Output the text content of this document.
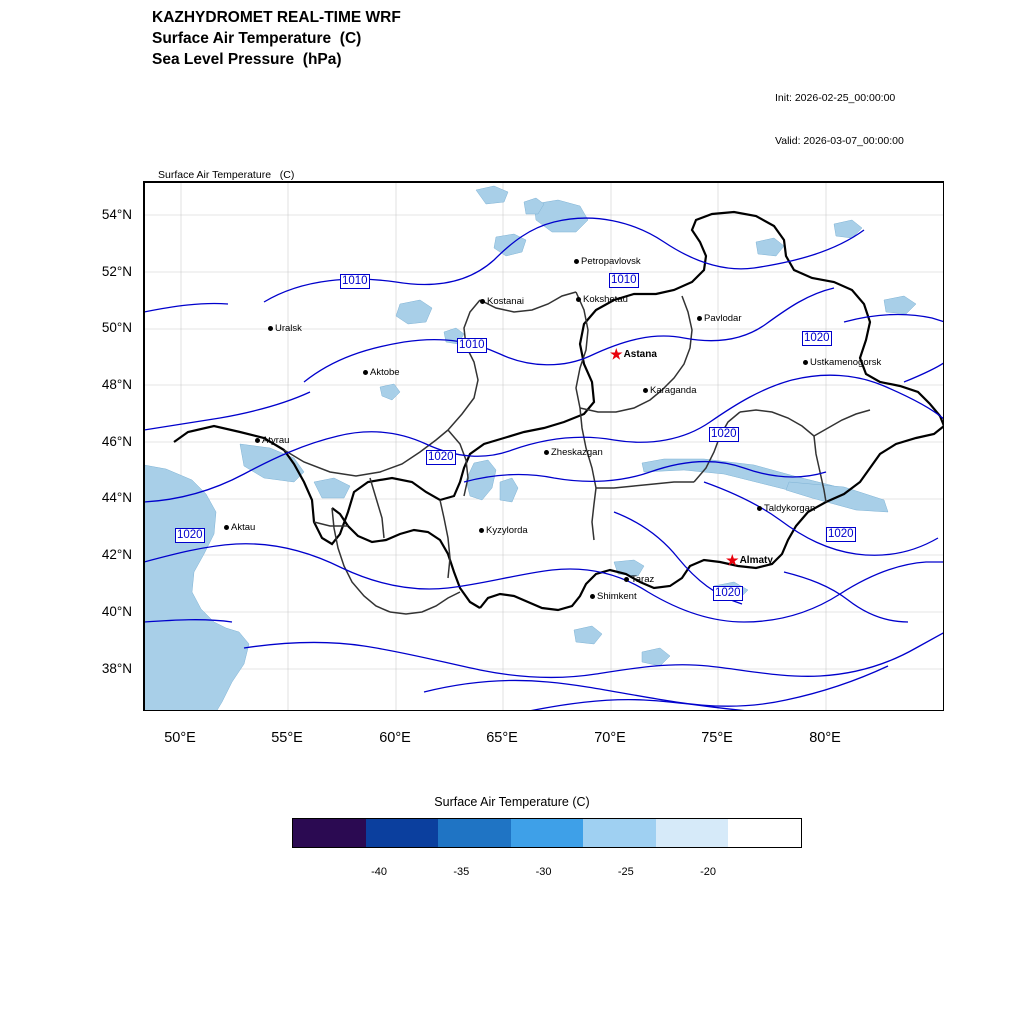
KAZHYDROMET REAL-TIME WRF
Surface Air Temperature  (C)
Sea Level Pressure  (hPa)

Init: 2026-02-25_00:00:00

Valid: 2026-03-07_00:00:00

Surface Air Temperature   (C)

54°N
52°N
50°N
48°N
46°N
44°N
42°N
40°N
38°N
50°E	55°E	60°E	65°E	70°E	75°E	80°E
Petropavlovsk
Kostanai	Kokshetau
Uralsk
Pavlodar
Ustkamenogorsk
Aktobe
Karaganda
Atyrau
Zheskazgan
Aktau	Kyzylorda
Taldykorgan
Taraz
Shimkent
★Astana
★Almaty
1010	1010
1010
1020
1020
1020
1020	1020
1020
Surface Air Temperature (C)
-40	-35	-30	-25	-20
